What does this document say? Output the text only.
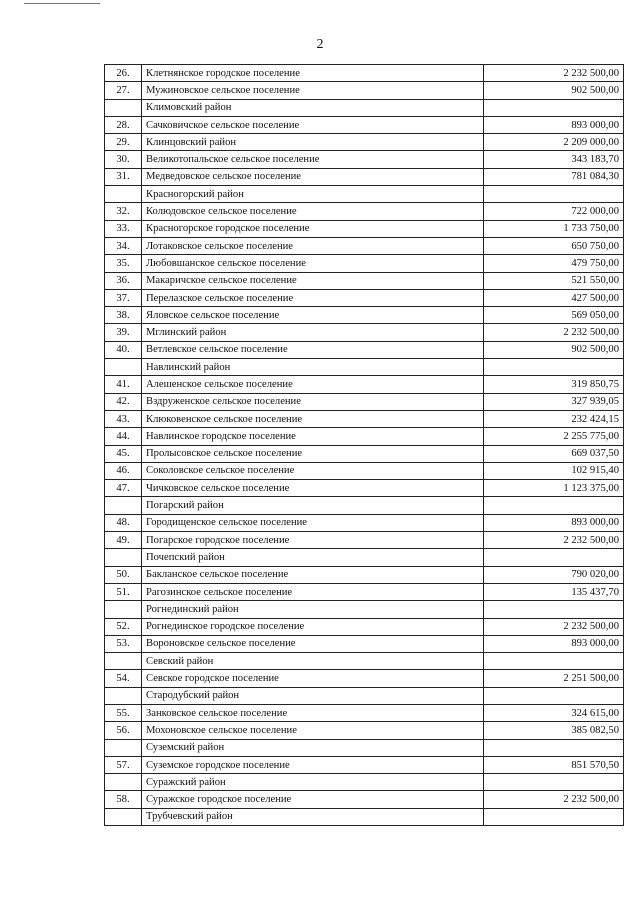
2
26.	Клетнянское городское поселение	2 232 500,00
27.	Мужиновское сельское поселение	902 500,00
	Климовский район	
28.	Сачковичское сельское поселение	893 000,00
29.	Клинцовский район	2 209 000,00
30.	Великотопальское сельское поселение	343 183,70
31.	Медведовское сельское поселение	781 084,30
	Красногорский район	
32.	Колюдовское сельское поселение	722 000,00
33.	Красногорское городское поселение	1 733 750,00
34.	Лотаковское сельское поселение	650 750,00
35.	Любовшанское сельское поселение	479 750,00
36.	Макаричское сельское поселение	521 550,00
37.	Перелазское сельское поселение	427 500,00
38.	Яловское сельское поселение	569 050,00
39.	Мглинский район	2 232 500,00
40.	Ветлевское сельское поселение	902 500,00
	Навлинский район	
41.	Алешенское сельское поселение	319 850,75
42.	Вздруженское сельское поселение	327 939,05
43.	Клюковенское сельское поселение	232 424,15
44.	Навлинское городское поселение	2 255 775,00
45.	Пролысовское сельское поселение	669 037,50
46.	Соколовское сельское поселение	102 915,40
47.	Чичковское сельское поселение	1 123 375,00
	Погарский район	
48.	Городищенское сельское поселение	893 000,00
49.	Погарское городское поселение	2 232 500,00
	Почепский район	
50.	Бакланское сельское поселение	790 020,00
51.	Рагозинское сельское поселение	135 437,70
	Рогнединский район	
52.	Рогнединское городское поселение	2 232 500,00
53.	Вороновское сельское поселение	893 000,00
	Севский район	
54.	Севское городское поселение	2 251 500,00
	Стародубский район	
55.	Занковское сельское поселение	324 615,00
56.	Мохоновское сельское поселение	385 082,50
	Суземский район	
57.	Суземское городское поселение	851 570,50
	Суражский район	
58.	Суражское городское поселение	2 232 500,00
	Трубчевский район	
